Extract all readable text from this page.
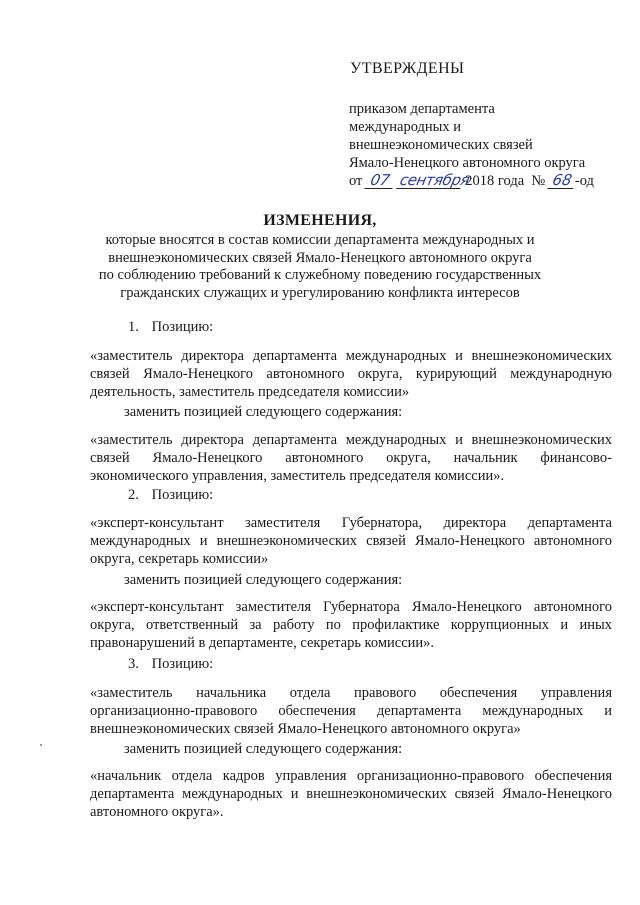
УТВЕРЖДЕНЫ
приказом департамента
международных и
внешнеэкономических связей
Ямало-Ненецкого автономного округа
от 07 сентября 2018 года № 68-од
ИЗМЕНЕНИЯ,
которые вносятся в состав комиссии департамента международных и
внешнеэкономических связей Ямало-Ненецкого автономного округа
по соблюдению требований к служебному поведению государственных
гражданских служащих и урегулированию конфликта интересов
1. Позицию:
«заместитель директора департамента международных и внешнеэкономических
связей Ямало-Ненецкого автономного округа, курирующий международную
деятельность, заместитель председателя комиссии»
заменить позицией следующего содержания:
«заместитель директора департамента международных и внешнеэкономических
связей Ямало-Ненецкого автономного округа, начальник финансово-
экономического управления, заместитель председателя комиссии».
2. Позицию:
«эксперт-консультант заместителя Губернатора, директора департамента
международных и внешнеэкономических связей Ямало-Ненецкого автономного
округа, секретарь комиссии»
заменить позицией следующего содержания:
«эксперт-консультант заместителя Губернатора Ямало-Ненецкого автономного
округа, ответственный за работу по профилактике коррупционных и иных
правонарушений в департаменте, секретарь комиссии».
3. Позицию:
«заместитель начальника отдела правового обеспечения управления
организационно-правового обеспечения департамента международных и
внешнеэкономических связей Ямало-Ненецкого автономного округа»
заменить позицией следующего содержания:
«начальник отдела кадров управления организационно-правового обеспечения
департамента международных и внешнеэкономических связей Ямало-Ненецкого
автономного округа».
